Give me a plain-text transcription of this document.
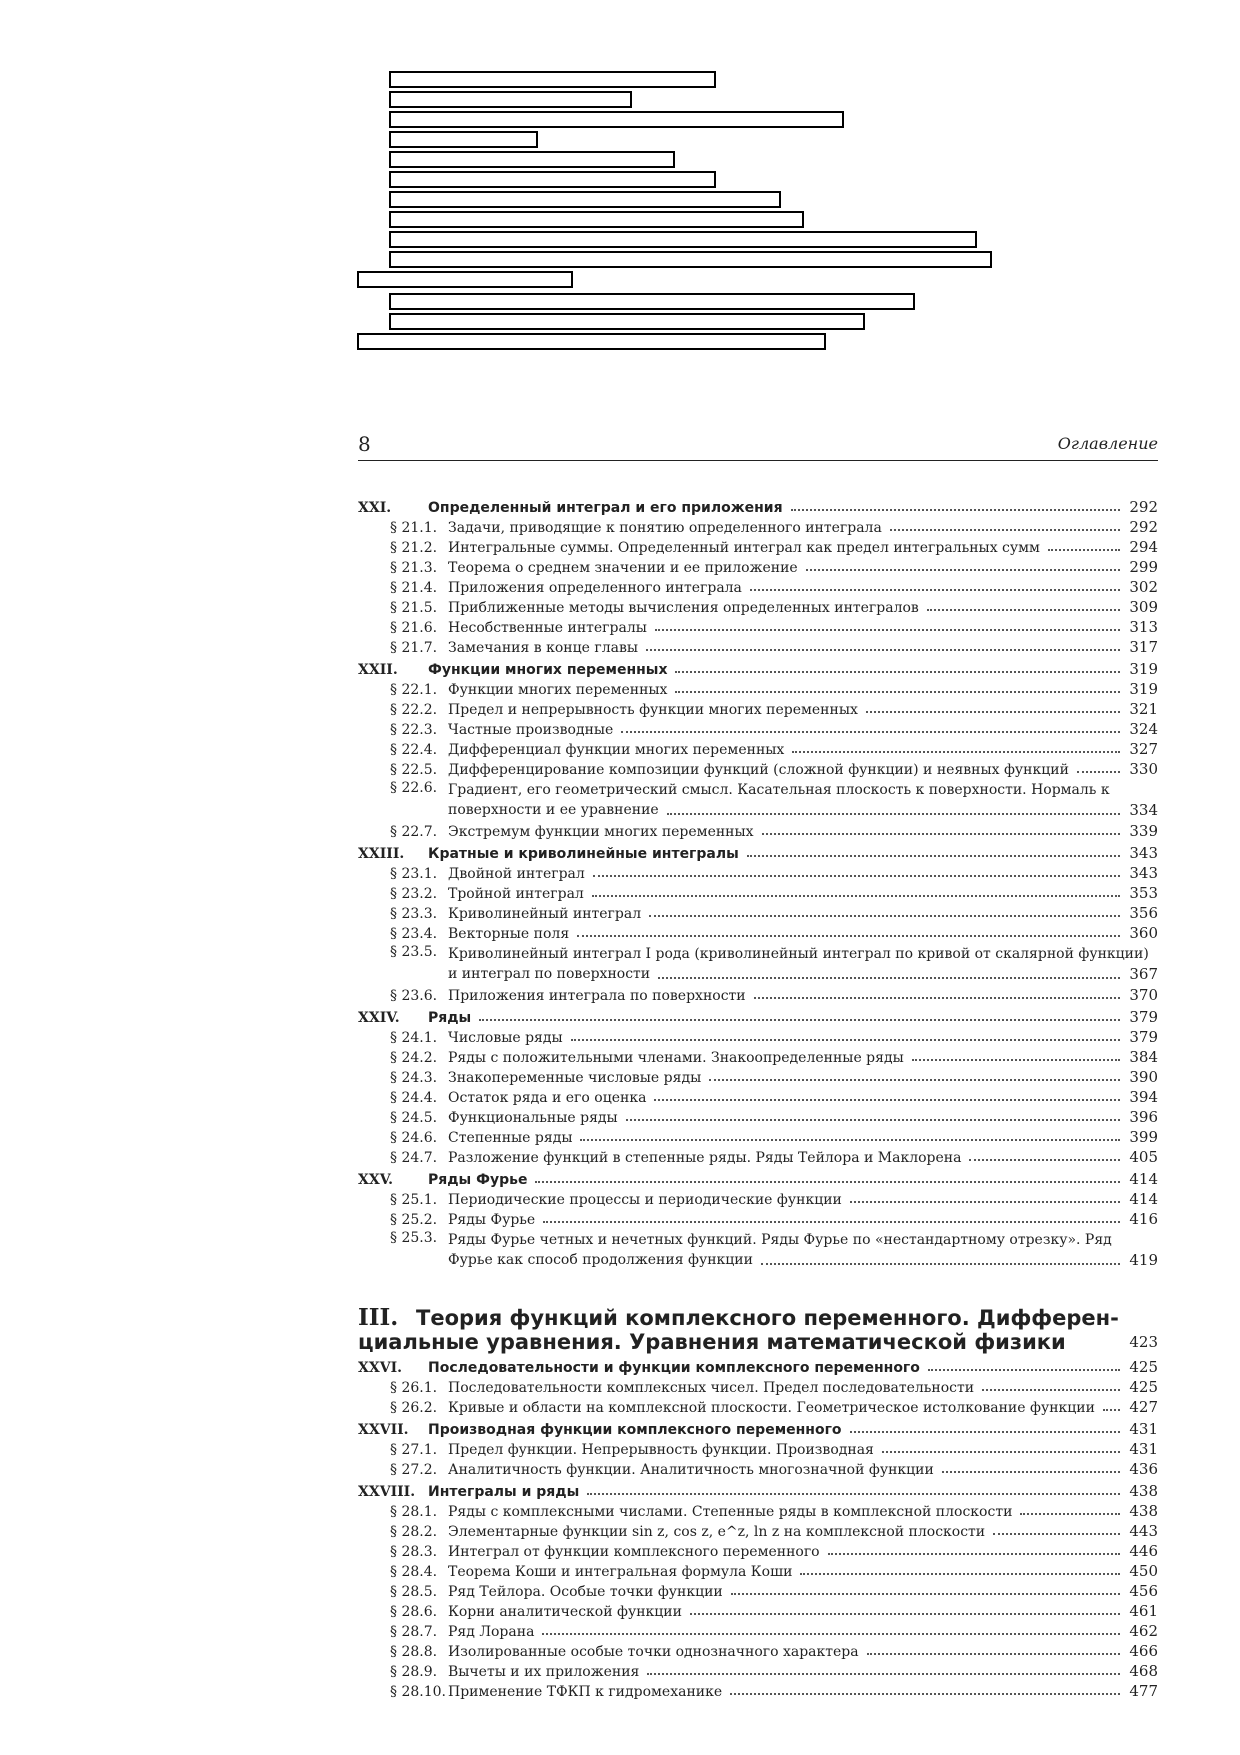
8	Оглавление
XXI.	Определенный интеграл и его приложения	292
§ 21.1. Задачи, приводящие к понятию определенного интеграла	292
§ 21.2. Интегральные суммы. Определенный интеграл как предел интегральных сумм	294
§ 21.3. Теорема о среднем значении и ее приложение	299
§ 21.4. Приложения определенного интеграла	302
§ 21.5. Приближенные методы вычисления определенных интегралов	309
§ 21.6. Несобственные интегралы	313
§ 21.7. Замечания в конце главы	317
XXII.	Функции многих переменных	319
§ 22.1. Функции многих переменных	319
§ 22.2. Предел и непрерывность функции многих переменных	321
§ 22.3. Частные производные	324
§ 22.4. Дифференциал функции многих переменных	327
§ 22.5. Дифференцирование композиции функций (сложной функции) и неявных функций	330
§ 22.6. Градиент, его геометрический смысл. Касательная плоскость к поверхности. Нормаль к
поверхности и ее уравнение	334
§ 22.7. Экстремум функции многих переменных	339
XXIII.	Кратные и криволинейные интегралы	343
§ 23.1. Двойной интеграл	343
§ 23.2. Тройной интеграл	353
§ 23.3. Криволинейный интеграл	356
§ 23.4. Векторные поля	360
§ 23.5. Криволинейный интеграл I рода (криволинейный интеграл по кривой от скалярной функции)
и интеграл по поверхности	367
§ 23.6. Приложения интеграла по поверхности	370
XXIV.	Ряды	379
§ 24.1. Числовые ряды	379
§ 24.2. Ряды с положительными членами. Знакоопределенные ряды	384
§ 24.3. Знакопеременные числовые ряды	390
§ 24.4. Остаток ряда и его оценка	394
§ 24.5. Функциональные ряды	396
§ 24.6. Степенные ряды	399
§ 24.7. Разложение функций в степенные ряды. Ряды Тейлора и Маклорена	405
XXV.	Ряды Фурье	414
§ 25.1. Периодические процессы и периодические функции	414
§ 25.2. Ряды Фурье	416
§ 25.3. Ряды Фурье четных и нечетных функций. Ряды Фурье по «нестандартному отрезку». Ряд
Фурье как способ продолжения функции	419
III. Теория функций комплексного переменного. Дифферен-
циальные уравнения. Уравнения математической физики	423
XXVI.	Последовательности и функции комплексного переменного	425
§ 26.1. Последовательности комплексных чисел. Предел последовательности	425
§ 26.2. Кривые и области на комплексной плоскости. Геометрическое истолкование функции 427
XXVII.	Производная функции комплексного переменного	431
§ 27.1. Предел функции. Непрерывность функции. Производная	431
§ 27.2. Аналитичность функции. Аналитичность многозначной функции	436
XXVIII. Интегралы и ряды	438
§ 28.1. Ряды с комплексными числами. Степенные ряды в комплексной плоскости	438
§ 28.2. Элементарные функции sin z, cos z, e^z, ln z на комплексной плоскости	443
§ 28.3. Интеграл от функции комплексного переменного	446
§ 28.4. Теорема Коши и интегральная формула Коши	450
§ 28.5. Ряд Тейлора. Особые точки функции	456
§ 28.6. Корни аналитической функции	461
§ 28.7. Ряд Лорана	462
§ 28.8. Изолированные особые точки однозначного характера	466
§ 28.9. Вычеты и их приложения	468
§ 28.10. Применение ТФКП к гидромеханике	477
